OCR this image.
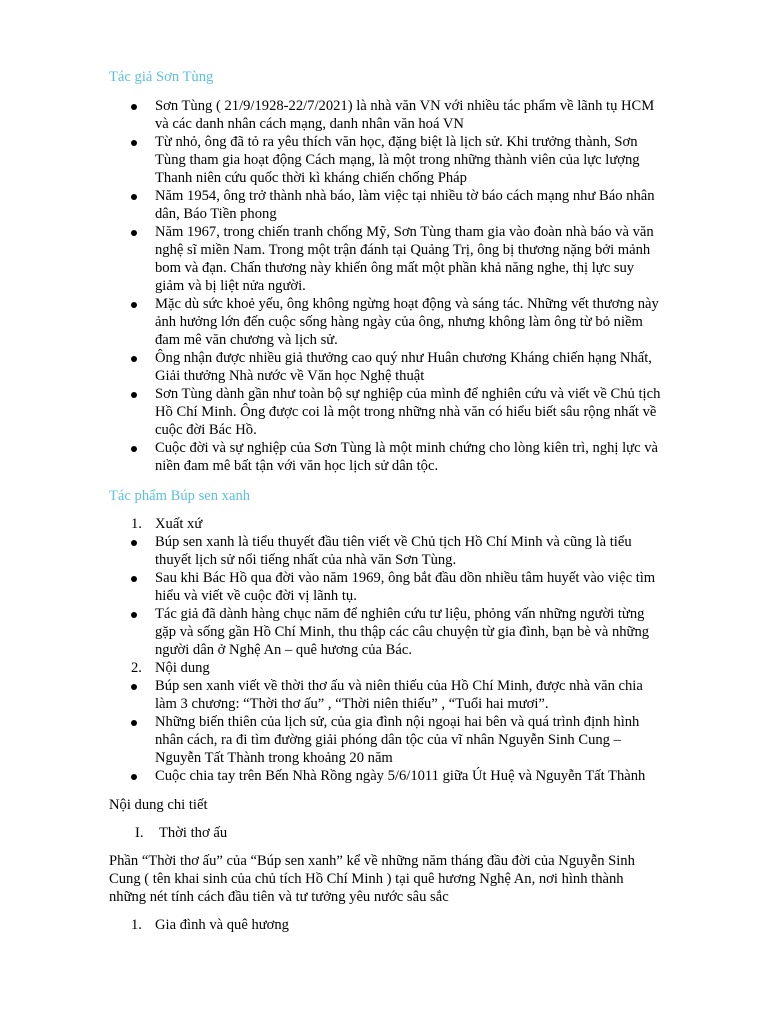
Tác giả Sơn Tùng
Sơn Tùng ( 21/9/1928-22/7/2021) là nhà văn VN với nhiều tác phẩm về lãnh tụ HCM
và các danh nhân cách mạng, danh nhân văn hoá VN
Từ nhỏ, ông đã tỏ ra yêu thích văn học, đặng biệt là lịch sử. Khi trưởng thành, Sơn
Tùng tham gia hoạt động Cách mạng, là một trong những thành viên của lực lượng
Thanh niên cứu quốc thời kì kháng chiến chống Pháp
Năm 1954, ông trở thành nhà báo, làm việc tại nhiều tờ báo cách mạng như Báo nhân
dân, Báo Tiền phong
Năm 1967, trong chiến tranh chống Mỹ, Sơn Tùng tham gia vào đoàn nhà báo và văn
nghệ sĩ miền Nam. Trong một trận đánh tại Quảng Trị, ông bị thương nặng bởi mảnh
bom và đạn. Chấn thương này khiến ông mất một phần khả năng nghe, thị lực suy
giảm và bị liệt nửa người.
Mặc dù sức khoẻ yếu, ông không ngừng hoạt động và sáng tác. Những vết thương này
ảnh hưởng lớn đến cuộc sống hàng ngày của ông, nhưng không làm ông từ bỏ niềm
đam mê văn chương và lịch sử.
Ông nhận được nhiều giả thưởng cao quý như Huân chương Kháng chiến hạng Nhất,
Giải thưởng Nhà nước về Văn học Nghệ thuật
Sơn Tùng dành gần như toàn bộ sự nghiệp của mình để nghiên cứu và viết về Chủ tịch
Hồ Chí Minh. Ông được coi là một trong những nhà văn có hiểu biết sâu rộng nhất về
cuộc đời Bác Hồ.
Cuộc đời và sự nghiệp của Sơn Tùng là một minh chứng cho lòng kiên trì, nghị lực và
niền đam mê bất tận với văn học lịch sử dân tộc.
Tác phẩm Búp sen xanh
1. Xuất xứ
Búp sen xanh là tiểu thuyết đầu tiên viết về Chủ tịch Hồ Chí Minh và cũng là tiểu
thuyết lịch sử nổi tiếng nhất của nhà văn Sơn Tùng.
Sau khi Bác Hồ qua đời vào năm 1969, ông bắt đầu dồn nhiều tâm huyết vào việc tìm
hiểu và viết về cuộc đời vị lãnh tụ.
Tác giả đã dành hàng chục năm để nghiên cứu tư liệu, phỏng vấn những người từng
gặp và sống gần Hồ Chí Minh, thu thập các câu chuyện từ gia đình, bạn bè và những
người dân ở Nghệ An – quê hương của Bác.
2. Nội dung
Búp sen xanh viết về thời thơ ấu và niên thiếu của Hồ Chí Minh, được nhà văn chia
làm 3 chương: “Thời thơ ấu” , “Thời niên thiếu” , “Tuổi hai mươi”.
Những biến thiên của lịch sử, của gia đình nội ngoại hai bên và quá trình định hình
nhân cách, ra đi tìm đường giải phóng dân tộc của vĩ nhân Nguyễn Sinh Cung –
Nguyễn Tất Thành trong khoảng 20 năm
Cuộc chia tay trên Bến Nhà Rồng ngày 5/6/1011 giữa Út Huệ và Nguyễn Tất Thành
Nội dung chi tiết
I. Thời thơ ấu
Phần “Thời thơ ấu” của “Búp sen xanh” kể về những năm tháng đầu đời của Nguyễn Sinh
Cung ( tên khai sinh của chủ tích Hồ Chí Minh ) tại quê hương Nghệ An, nơi hình thành
những nét tính cách đầu tiên và tư tưởng yêu nước sâu sắc
1. Gia đình và quê hương
